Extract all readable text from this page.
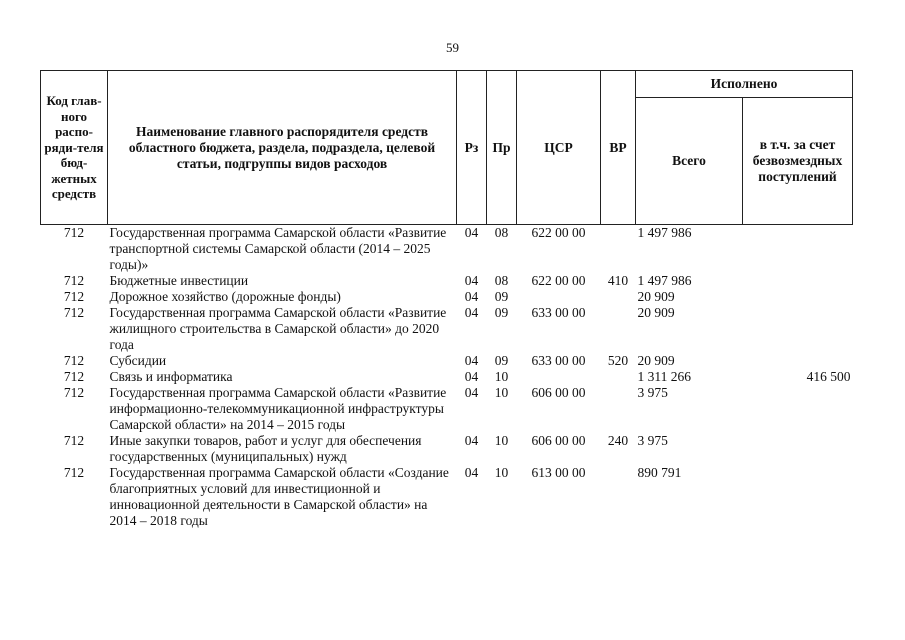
59
Код глав-ного распо-ряди-теля бюд-жетных средств	Наименование главного распорядителя средств областного бюджета, раздела, подраздела, целевой статьи, подгруппы видов расходов	Рз	Пр	ЦСР	ВР	Исполнено	
						Всего	в т.ч. за счет безвозмездных поступлений
712	Государственная программа Самарской области «Развитие транспортной системы Самарской области (2014 – 2025 годы)»	04	08	622 00 00		1 497 986	
712	Бюджетные инвестиции	04	08	622 00 00	410	1 497 986	
712	Дорожное хозяйство (дорожные фонды)	04	09			20 909	
712	Государственная программа Самарской области «Развитие жилищного строительства в Самарской области» до 2020 года	04	09	633 00 00		20 909	
712	Субсидии	04	09	633 00 00	520	20 909	
712	Связь и информатика	04	10			1 311 266	416 500
712	Государственная программа Самарской области «Развитие информационно-телекоммуникационной инфраструктуры Самарской области» на 2014 – 2015 годы	04	10	606 00 00		3 975	
712	Иные закупки товаров, работ и услуг для обеспечения государственных (муниципальных) нужд	04	10	606 00 00	240	3 975	
712	Государственная программа Самарской области «Создание благоприятных условий для инвестиционной и инновационной деятельности в Самарской области» на 2014 – 2018 годы	04	10	613 00 00		890 791	
